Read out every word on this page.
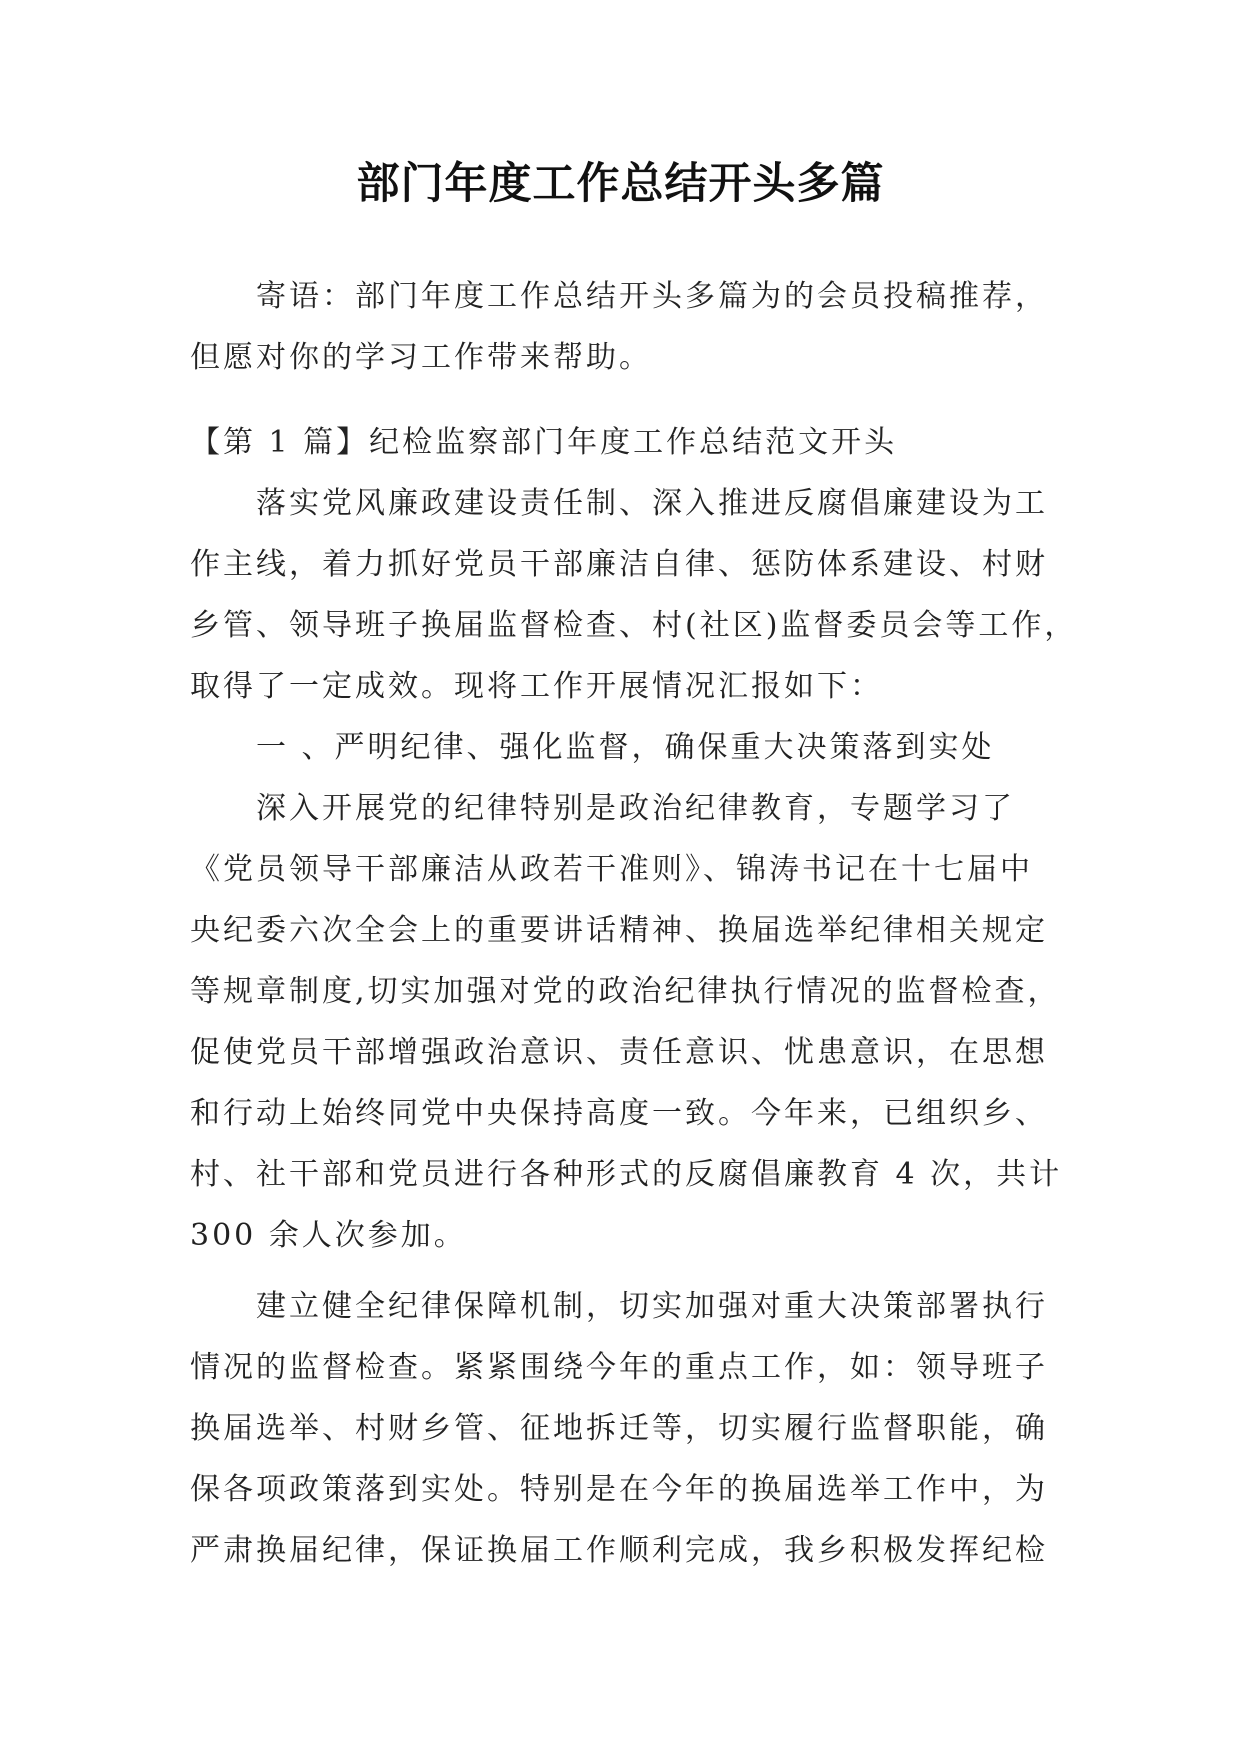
部门年度工作总结开头多篇
寄语：部门年度工作总结开头多篇为的会员投稿推荐，
但愿对你的学习工作带来帮助。
【第 1 篇】纪检监察部门年度工作总结范文开头
落实党风廉政建设责任制、深入推进反腐倡廉建设为工
作主线，着力抓好党员干部廉洁自律、惩防体系建设、村财
乡管、领导班子换届监督检查、村(社区)监督委员会等工作，
取得了一定成效。现将工作开展情况汇报如下：
一 、严明纪律、强化监督，确保重大决策落到实处
深入开展党的纪律特别是政治纪律教育，专题学习了
《党员领导干部廉洁从政若干准则》、锦涛书记在十七届中
央纪委六次全会上的重要讲话精神、换届选举纪律相关规定
等规章制度,切实加强对党的政治纪律执行情况的监督检查，
促使党员干部增强政治意识、责任意识、忧患意识，在思想
和行动上始终同党中央保持高度一致。今年来，已组织乡、
村、社干部和党员进行各种形式的反腐倡廉教育 4 次，共计
300 余人次参加。
建立健全纪律保障机制，切实加强对重大决策部署执行
情况的监督检查。紧紧围绕今年的重点工作，如：领导班子
换届选举、村财乡管、征地拆迁等，切实履行监督职能，确
保各项政策落到实处。特别是在今年的换届选举工作中，为
严肃换届纪律，保证换届工作顺利完成，我乡积极发挥纪检
